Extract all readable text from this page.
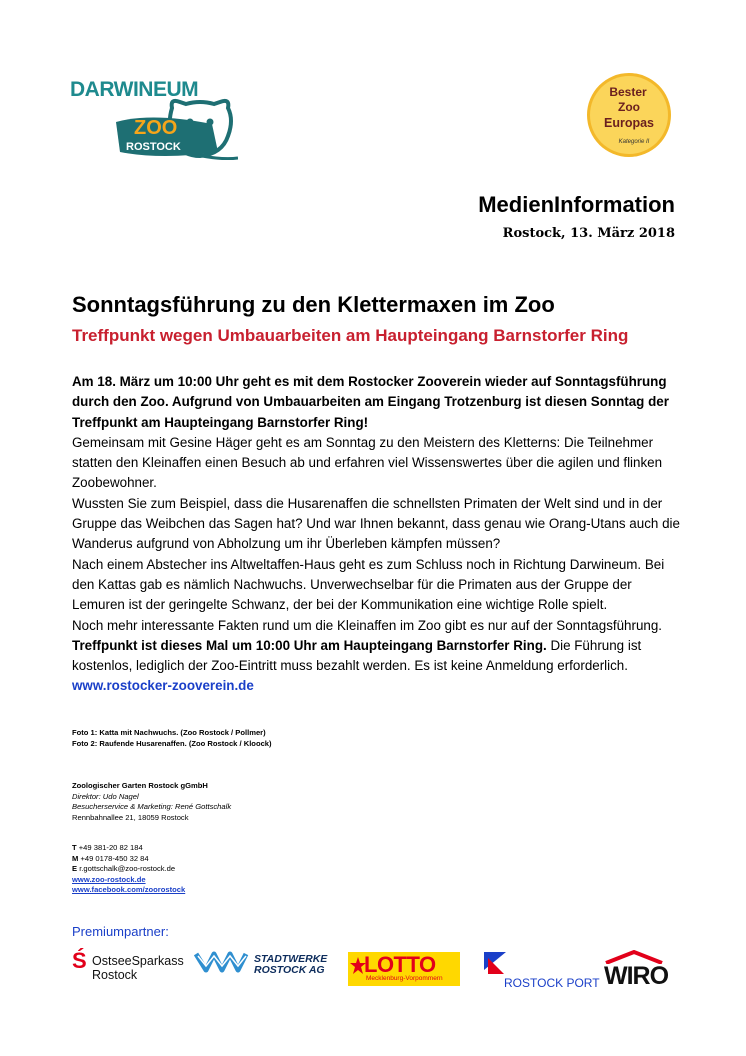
DARWINEUM
ZOO
ROSTOCK
Bester
Zoo
Europas
Kategorie II
MedienInformation
Rostock, 13. März 2018
Sonntagsführung zu den Klettermaxen im Zoo
Treffpunkt wegen Umbauarbeiten am Haupteingang Barnstorfer Ring

Am 18. März um 10:00 Uhr geht es mit dem Rostocker Zooverein wieder auf Sonntagsführung durch den Zoo. Aufgrund von Umbauarbeiten am Eingang Trotzenburg ist diesen Sonntag der Treffpunkt am Haupteingang Barnstorfer Ring!

Gemeinsam mit Gesine Häger geht es am Sonntag zu den Meistern des Kletterns: Die Teilnehmer statten den Kleinaffen einen Besuch ab und erfahren viel Wissenswertes über die agilen und flinken Zoobewohner.

Wussten Sie zum Beispiel, dass die Husarenaffen die schnellsten Primaten der Welt sind und in der Gruppe das Weibchen das Sagen hat? Und war Ihnen bekannt, dass genau wie Orang-Utans auch die Wanderus aufgrund von Abholzung um ihr Überleben kämpfen müssen?

Nach einem Abstecher ins Altweltaffen-Haus geht es zum Schluss noch in Richtung Darwineum. Bei den Kattas gab es nämlich Nachwuchs. Unverwechselbar für die Primaten aus der Gruppe der Lemuren ist der geringelte Schwanz, der bei der Kommunikation eine wichtige Rolle spielt.

Noch mehr interessante Fakten rund um die Kleinaffen im Zoo gibt es nur auf der Sonntagsführung.

Treffpunkt ist dieses Mal um 10:00 Uhr am Haupteingang Barnstorfer Ring. Die Führung ist kostenlos, lediglich der Zoo-Eintritt muss bezahlt werden. Es ist keine Anmeldung erforderlich.

www.rostocker-zooverein.de

Foto 1: Katta mit Nachwuchs. (Zoo Rostock / Pollmer)
Foto 2: Raufende Husarenaffen. (Zoo Rostock / Kloock)
Zoologischer Garten Rostock gGmbH
Direktor: Udo Nagel
Besucherservice & Marketing: René Gottschalk
Rennbahnallee 21, 18059 Rostock
T +49 381-20 82 184
M +49 0178-450 32 84
E r.gottschalk@zoo-rostock.de
www.zoo-rostock.de
www.facebook.com/zoorostock
Premiumpartner:
Ś OstseeSparkass
Rostock
STADTWERKE
ROSTOCK AG LOTTO
Mecklenburg-Vorpommern	ROSTOCK PORT WIRO
